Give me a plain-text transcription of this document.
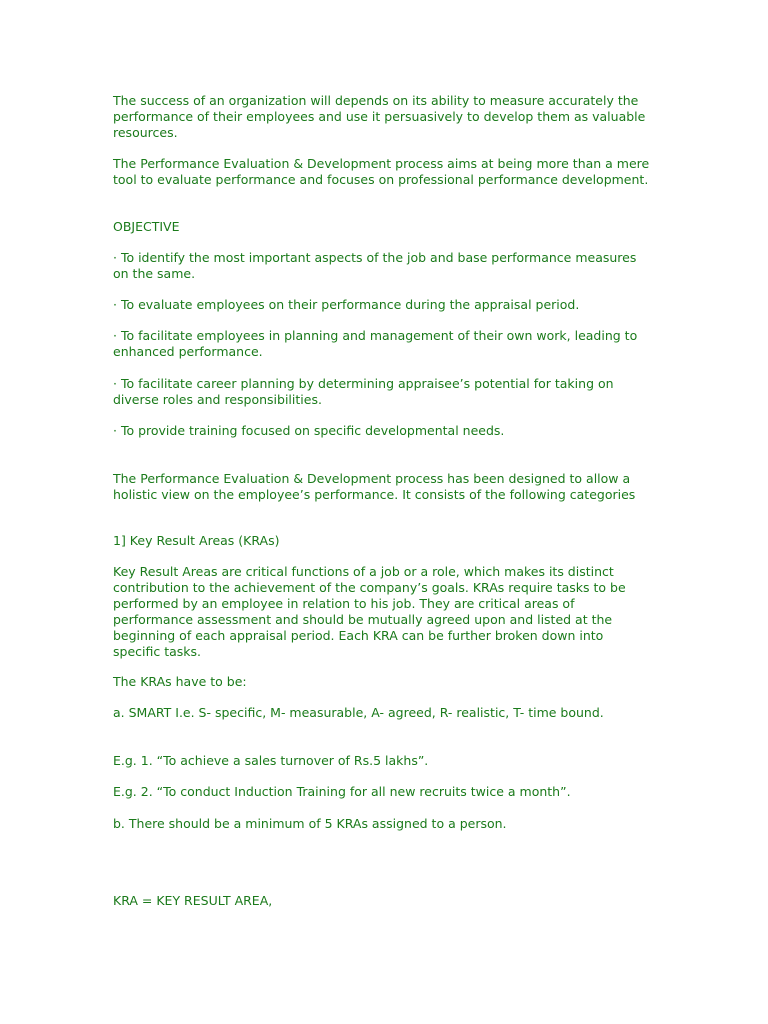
The success of an organization will depends on its ability to measure accurately the performance of their employees and use it persuasively to develop them as valuable resources.

The Performance Evaluation & Development process aims at being more than a mere tool to evaluate performance and focuses on professional performance development.

OBJECTIVE

· To identify the most important aspects of the job and base performance measures on the same.

· To evaluate employees on their performance during the appraisal period.

· To facilitate employees in planning and management of their own work, leading to enhanced performance.

· To facilitate career planning by determining appraisee’s potential for taking on diverse roles and responsibilities.

· To provide training focused on specific developmental needs.

The Performance Evaluation & Development process has been designed to allow a holistic view on the employee’s performance. It consists of the following categories

1] Key Result Areas (KRAs)

Key Result Areas are critical functions of a job or a role, which makes its distinct contribution to the achievement of the company’s goals. KRAs require tasks to be performed by an employee in relation to his job. They are critical areas of performance assessment and should be mutually agreed upon and listed at the beginning of each appraisal period. Each KRA can be further broken down into specific tasks.

The KRAs have to be:

a. SMART I.e. S- specific, M- measurable, A- agreed, R- realistic, T- time bound.

E.g. 1. “To achieve a sales turnover of Rs.5 lakhs”.

E.g. 2. “To conduct Induction Training for all new recruits twice a month”.

b. There should be a minimum of 5 KRAs assigned to a person.

KRA = KEY RESULT AREA,
